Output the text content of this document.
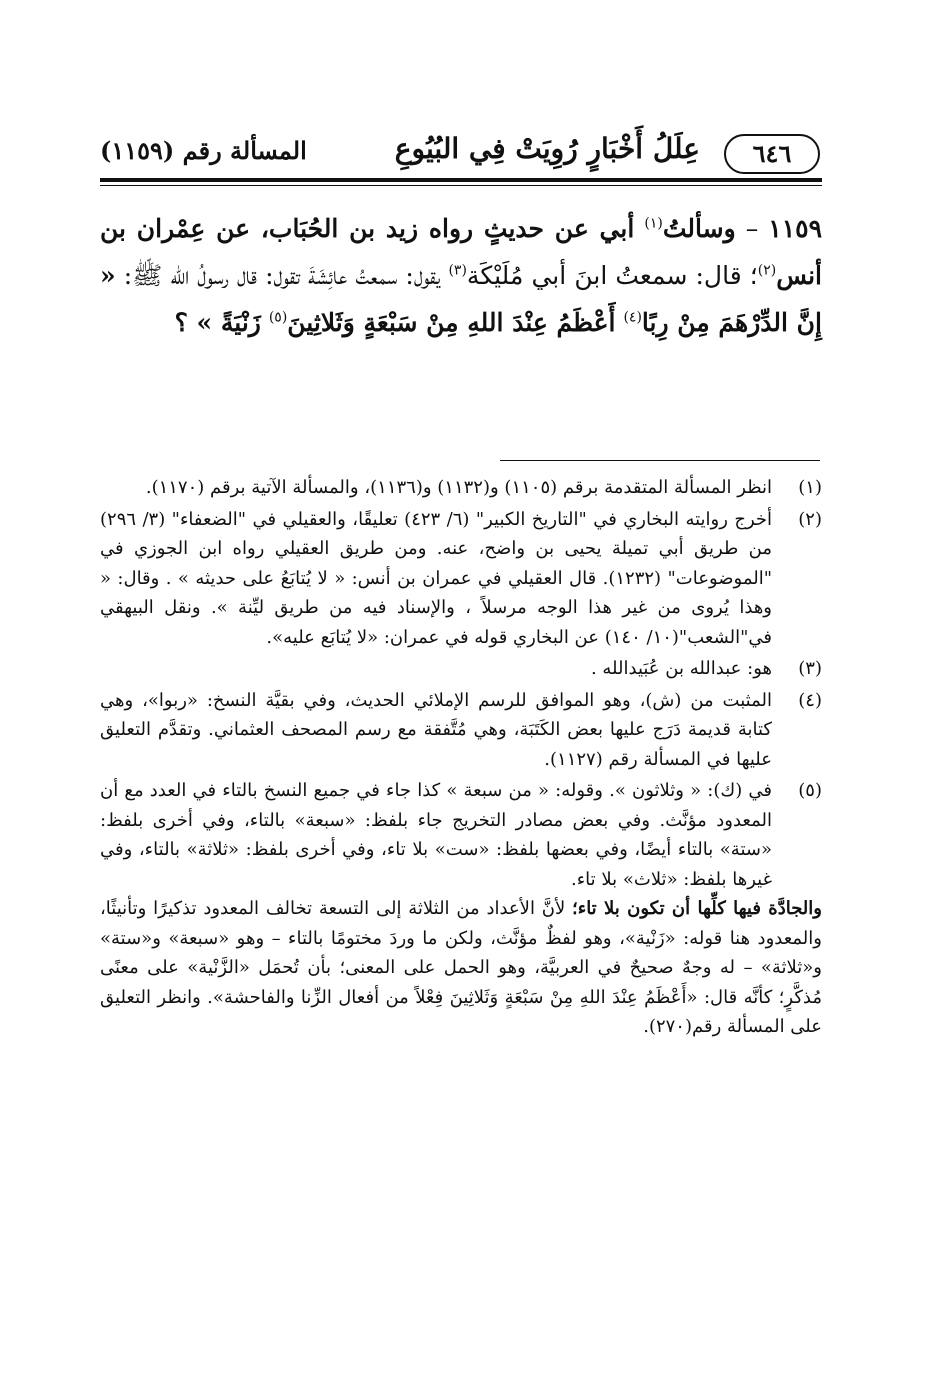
٦٤٦
عِلَلُ أَخْبَارٍ رُوِيَتْ فِي البُيُوعِ
المسألة رقم (١١٥٩)
١١٥٩ – وسألتُ$^{(١)}$ أبي عن حديثٍ رواه زيد بن الحُبَاب، عن عِمْران بن أنس$^{(٢)}$؛ قال: سمعتُ ابنَ أبي مُلَيْكَة$^{(٣)}$ يقول: سمعتُ عائِشَةَ تقول: قال رسولُ الله ﷺ: « إِنَّ الدِّرْهَمَ مِنْ رِبًا$^{(٤)}$ أَعْظَمُ عِنْدَ اللهِ مِنْ سَبْعَةٍ وَثَلاثِينَ$^{(٥)}$ زَنْيَةً » ؟

(١)
انظر المسألة المتقدمة برقم (١١٠٥) و(١١٣٢) و(١١٣٦)، والمسألة الآتية برقم (١١٧٠).

(٢)
أخرج روايته البخاري في "التاريخ الكبير" (٦/ ٤٢٣) تعليقًا، والعقيلي في "الضعفاء" (٣/ ٢٩٦) من طريق أبي تميلة يحيى بن واضح، عنه. ومن طريق العقيلي رواه ابن الجوزي في "الموضوعات" (١٢٣٢). قال العقيلي في عمران بن أنس: « لا يُتابَعُ على حديثه » . وقال: « وهذا يُروى من غير هذا الوجه مرسلاً ، والإسناد فيه من طريق ليِّنة ». ونقل البيهقي في"الشعب"(١٠/ ١٤٠) عن البخاري قوله في عمران: «لا يُتابَع عليه».

(٣)
هو: عبدالله بن عُبَيدالله .

(٤)
المثبت من (ش)، وهو الموافق للرسم الإملائي الحديث، وفي بقيَّة النسخ: «ربوا»، وهي كتابة قديمة دَرَج عليها بعض الكَتَبَة، وهي مُتَّفقة مع رسم المصحف العثماني. وتقدَّم التعليق عليها في المسألة رقم (١١٢٧).

(٥)
في (ك): « وثلاثون ». وقوله: « من سبعة » كذا جاء في جميع النسخ بالتاء في العدد مع أن المعدود مؤنَّث. وفي بعض مصادر التخريج جاء بلفظ: «سبعة» بالتاء، وفي أخرى بلفظ: «ستة» بالتاء أيضًا، وفي بعضها بلفظ: «ست» بلا تاء، وفي أخرى بلفظ: «ثلاثة» بالتاء، وفي غيرها بلفظ: «ثلاث» بلا تاء.

والجادَّة فيها كلِّها أن تكون بلا تاء؛ لأنَّ الأعداد من الثلاثة إلى التسعة تخالف المعدود تذكيرًا وتأنيثًا، والمعدود هنا قوله: «زَنْية»، وهو لفظٌ مؤنَّث، ولكن ما وردَ مختومًا بالتاء – وهو «سبعة» و«ستة» و«ثلاثة» – له وجهٌ صحيحٌ في العربيَّة، وهو الحمل على المعنى؛ بأن تُحمَل «الزَّنْية» على معنًى مُذكَّرٍ؛ كأنَّه قال: «أَعْظَمُ عِنْدَ اللهِ مِنْ سَبْعَةٍ وَثَلاثِينَ فِعْلاً من أفعال الزِّنا والفاحشة». وانظر التعليق على المسألة رقم(٢٧٠).
